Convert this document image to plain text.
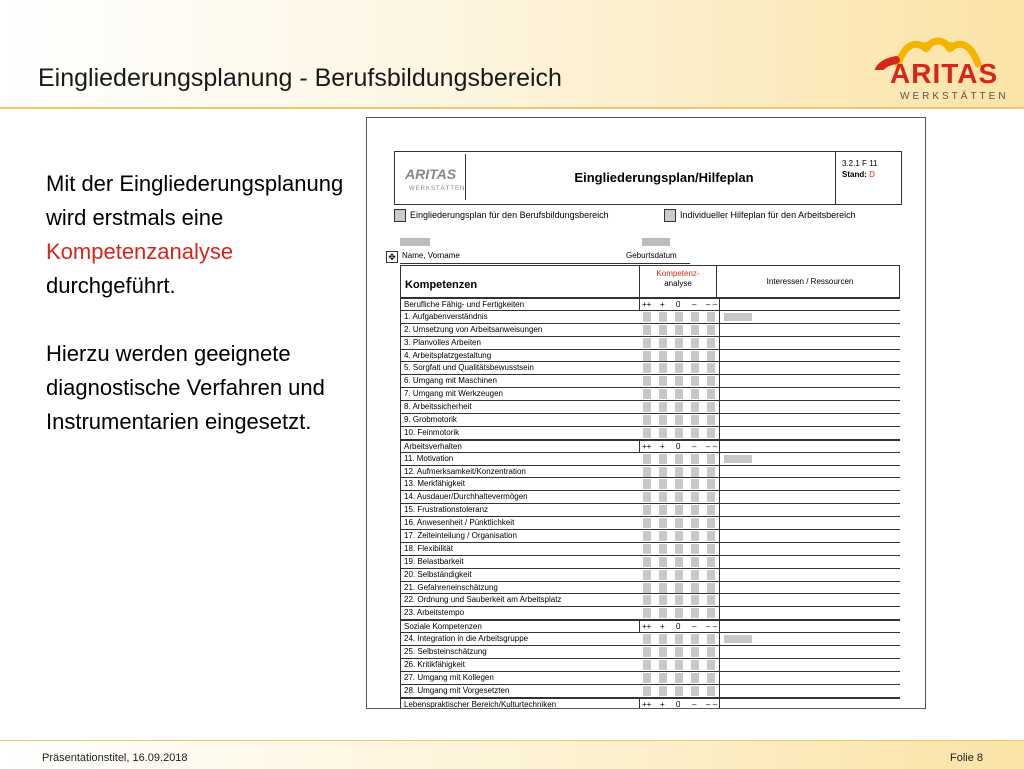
Eingliederungsplanung - Berufsbildungsbereich	ARITAS
WERKSTÄTTEN

Mit der Eingliederungsplanung wird erstmals eine Kompetenzanalyse durchgeführt.

Hierzu werden geeignete diagnostische Verfahren und Instrumentarien eingesetzt.

ARITAS
WERKSTÄTTEN
Eingliederungsplan/Hilfeplan
3.2.1 F 11
Stand: D
Eingliederungsplan für den Berufsbildungsbereich	Individueller Hilfeplan für den Arbeitsbereich
✥ Name, Vorname	Geburtsdatum
Kompetenzen
Kompetenz-
analyse	Interessen / Ressourcen
Berufliche Fähig- und Fertigkeiten	++ + 0 – – –
1. Aufgabenverständnis
2. Umsetzung von Arbeitsanweisungen
3. Planvolles Arbeiten
4. Arbeitsplatzgestaltung
5. Sorgfalt und Qualitätsbewusstsein
6. Umgang mit Maschinen
7. Umgang mit Werkzeugen
8. Arbeitssicherheit
9. Grobmotorik
10. Feinmotorik
Arbeitsverhalten	++ + 0 – – –
11. Motivation
12. Aufmerksamkeit/Konzentration
13. Merkfähigkeit
14. Ausdauer/Durchhaltevermögen
15. Frustrationstoleranz
16. Anwesenheit / Pünktlichkeit
17. Zeiteinteilung / Organisation
18. Flexibilität
19. Belastbarkeit
20. Selbständigkeit
21. Gefahreneinschätzung
22. Ordnung und Sauberkeit am Arbeitsplatz
23. Arbeitstempo
Soziale Kompetenzen	++ + 0 – – –
24. Integration in die Arbeitsgruppe
25. Selbsteinschätzung
26. Kritikfähigkeit
27. Umgang mit Kollegen
28. Umgang mit Vorgesetzten
Lebenspraktischer Bereich/Kulturtechniken	++ + 0 – – –
Präsentationstitel, 16.09.2018	Folie 8
